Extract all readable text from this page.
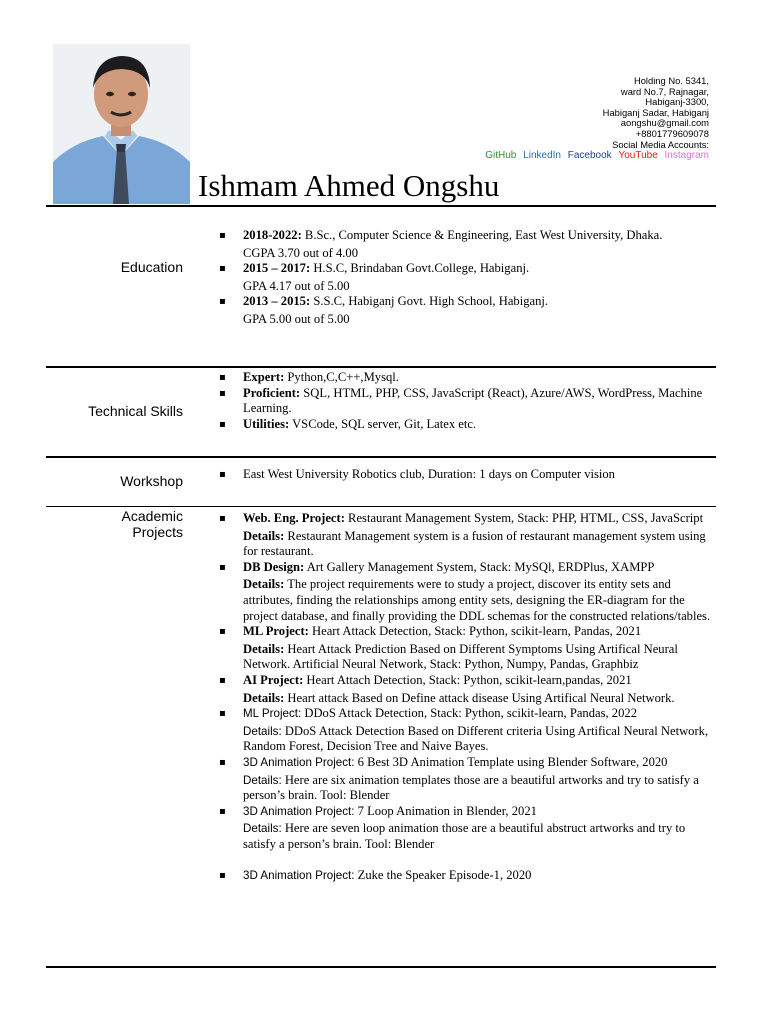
Holding No. 5341,
ward No.7, Rajnagar,
Habiganj-3300,
Habiganj Sadar, Habiganj
aongshu@gmail.com
+8801779609078
Social Media Accounts:
GitHub LinkedIn Facebook YouTube Instagram
Ishmam Ahmed Ongshu
Education
▪ 2018-2022: B.Sc., Computer Science & Engineering, East West University, Dhaka.
CGPA 3.70 out of 4.00
▪ 2015 – 2017: H.S.C, Brindaban Govt.College, Habiganj.
GPA 4.17 out of 5.00
▪ 2013 – 2015: S.S.C, Habiganj Govt. High School, Habiganj.
GPA 5.00 out of 5.00
Technical Skills
▪ Expert: Python,C,C++,Mysql.
▪ Proficient: SQL, HTML, PHP, CSS, JavaScript (React), Azure/AWS, WordPress, Machine Learning.
▪ Utilities: VSCode, SQL server, Git, Latex etc.
Workshop
▪	East West University Robotics club, Duration: 1 days on Computer vision
Academic
Projects
▪ Web. Eng. Project: Restaurant Management System, Stack: PHP, HTML, CSS, JavaScript
Details: Restaurant Management system is a fusion of restaurant management system using for restaurant.
▪ DB Design: Art Gallery Management System, Stack: MySQl, ERDPlus, XAMPP
Details: The project requirements were to study a project, discover its entity sets and attributes, finding the relationships among entity sets, designing the ER-diagram for the project database, and finally providing the DDL schemas for the constructed relations/tables.
▪ ML Project: Heart Attack Detection, Stack: Python, scikit-learn, Pandas, 2021
Details: Heart Attack Prediction Based on Different Symptoms Using Artifical Neural Network. Artificial Neural Network, Stack: Python, Numpy, Pandas, Graphbiz
▪ AI Project: Heart Attach Detection, Stack: Python, scikit-learn,pandas, 2021
Details: Heart attack Based on Define attack disease Using Artifical Neural Network.
▪ ML Project: DDoS Attack Detection, Stack: Python, scikit-learn, Pandas, 2022
Details: DDoS Attack Detection Based on Different criteria Using Artifical Neural Network, Random Forest, Decision Tree and Naive Bayes.
▪ 3D Animation Project: 6 Best 3D Animation Template using Blender Software, 2020
Details: Here are six animation templates those are a beautiful artworks and try to satisfy a person’s brain. Tool: Blender
▪ 3D Animation Project: 7 Loop Animation in Blender, 2021
Details: Here are seven loop animation those are a beautiful abstruct artworks and try to satisfy a person’s brain. Tool: Blender
▪ 3D Animation Project: Zuke the Speaker Episode-1, 2020
